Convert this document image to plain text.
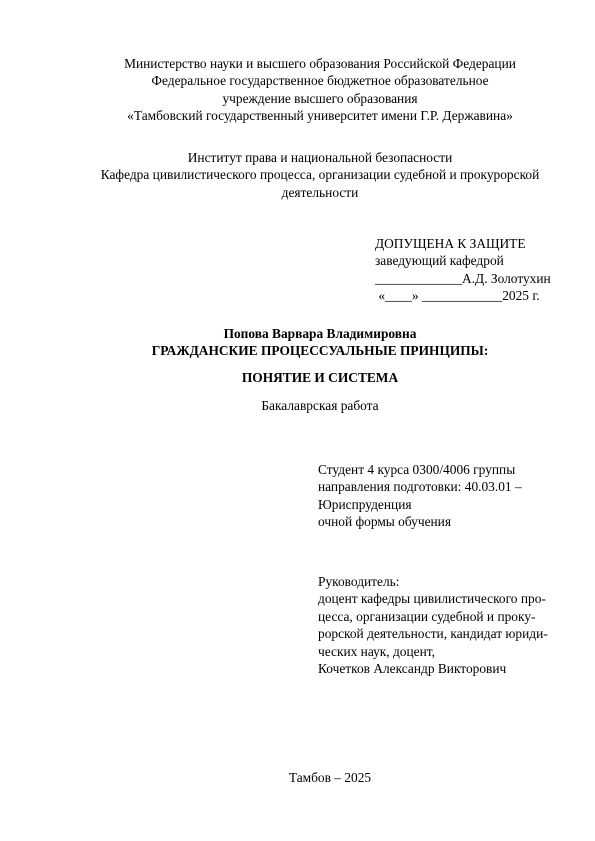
Министерство науки и высшего образования Российской Федерации
Федеральное государственное бюджетное образовательное
учреждение высшего образования
«Тамбовский государственный университет имени Г.Р. Державина»
Институт права и национальной безопасности
Кафедра цивилистического процесса, организации судебной и прокурорской
деятельности
ДОПУЩЕНА К ЗАЩИТЕ
заведующий кафедрой
_____________А.Д. Золотухин
«____» ____________2025 г.
Попова Варвара Владимировна
ГРАЖДАНСКИЕ ПРОЦЕССУАЛЬНЫЕ ПРИНЦИПЫ:
ПОНЯТИЕ И СИСТЕМА
Бакалаврская работа
Студент 4 курса 0300/4006 группы
направления подготовки: 40.03.01 –
Юриспруденция
очной формы обучения
Руководитель:
доцент кафедры цивилистического про-
цесса, организации судебной и проку-
рорской деятельности, кандидат юриди-
ческих наук, доцент,
Кочетков Александр Викторович
Тамбов – 2025
